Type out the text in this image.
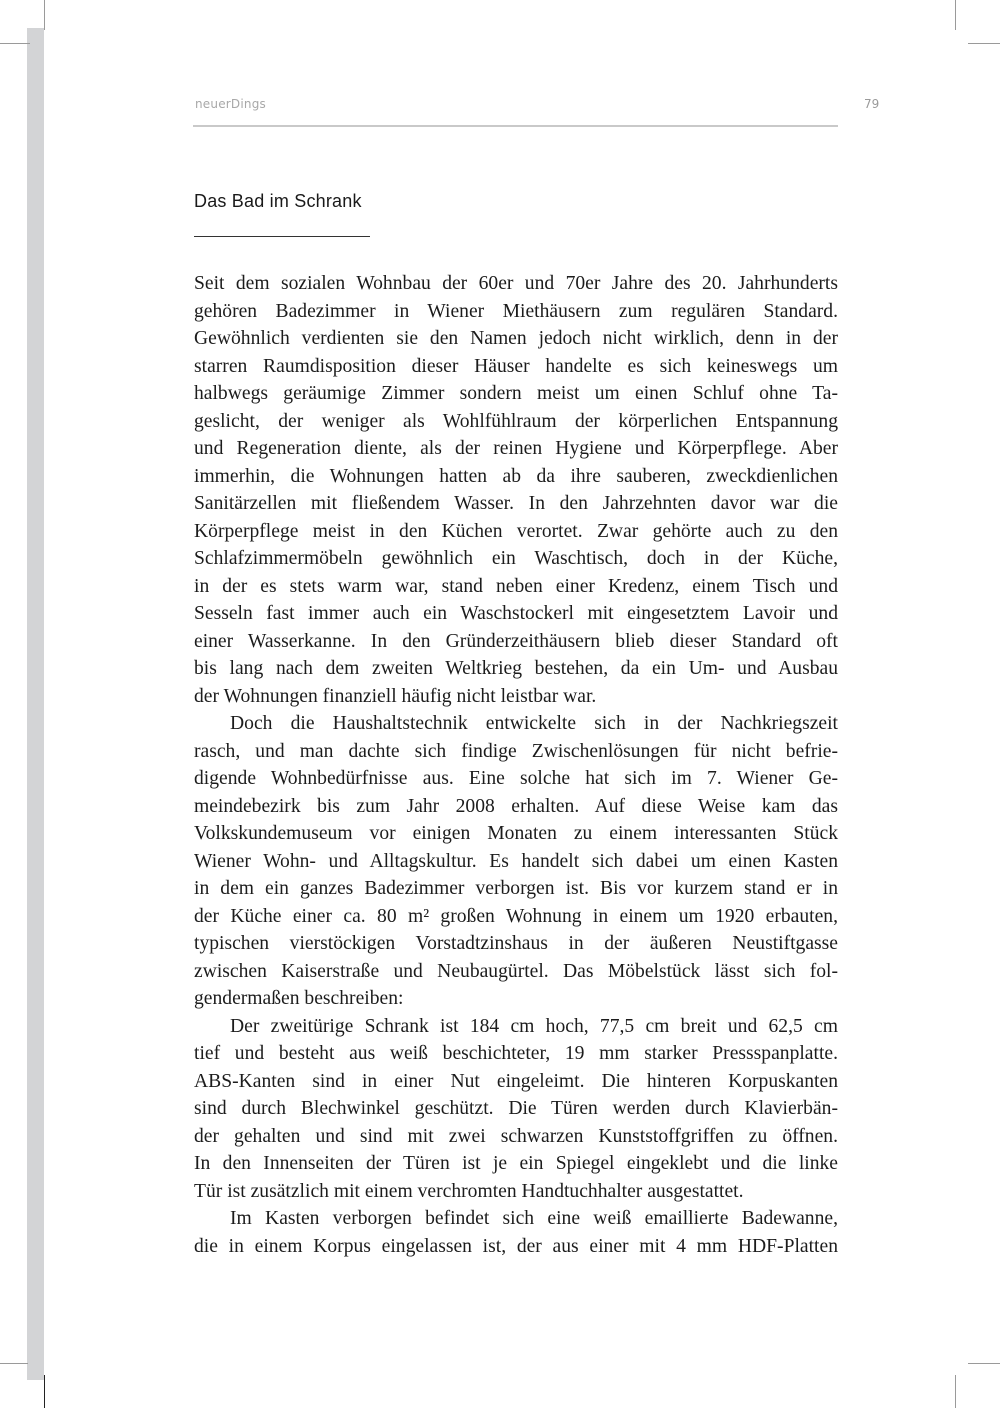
neuerDings	79
Das Bad im Schrank

Seit dem sozialen Wohnbau der 60er und 70er Jahre des 20. Jahrhunderts
gehören Badezimmer in Wiener Miethäusern zum regulären Standard.
Gewöhnlich verdienten sie den Namen jedoch nicht wirklich, denn in der
starren Raumdisposition dieser Häuser handelte es sich keineswegs um
halbwegs geräumige Zimmer sondern meist um einen Schluf ohne Ta-
geslicht, der weniger als Wohlfühlraum der körperlichen Entspannung
und Regeneration diente, als der reinen Hygiene und Körperpflege. Aber
immerhin, die Wohnungen hatten ab da ihre sauberen, zweckdienlichen
Sanitärzellen mit fließendem Wasser. In den Jahrzehnten davor war die
Körperpflege meist in den Küchen verortet. Zwar gehörte auch zu den
Schlafzimmermöbeln gewöhnlich ein Waschtisch, doch in der Küche,
in der es stets warm war, stand neben einer Kredenz, einem Tisch und
Sesseln fast immer auch ein Waschstockerl mit eingesetztem Lavoir und
einer Wasserkanne. In den Gründerzeithäusern blieb dieser Standard oft
bis lang nach dem zweiten Weltkrieg bestehen, da ein Um- und Ausbau
der Wohnungen finanziell häufig nicht leistbar war.

Doch die Haushaltstechnik entwickelte sich in der Nachkriegszeit
rasch, und man dachte sich findige Zwischenlösungen für nicht befrie-
digende Wohnbedürfnisse aus. Eine solche hat sich im 7. Wiener Ge-
meindebezirk bis zum Jahr 2008 erhalten. Auf diese Weise kam das
Volkskundemuseum vor einigen Monaten zu einem interessanten Stück
Wiener Wohn- und Alltagskultur. Es handelt sich dabei um einen Kasten
in dem ein ganzes Badezimmer verborgen ist. Bis vor kurzem stand er in
der Küche einer ca. 80 m² großen Wohnung in einem um 1920 erbauten,
typischen vierstöckigen Vorstadtzinshaus in der äußeren Neustiftgasse
zwischen Kaiserstraße und Neubaugürtel. Das Möbelstück lässt sich fol-
gendermaßen beschreiben:

Der zweitürige Schrank ist 184 cm hoch, 77,5 cm breit und 62,5 cm
tief und besteht aus weiß beschichteter, 19 mm starker Pressspanplatte.
ABS-Kanten sind in einer Nut eingeleimt. Die hinteren Korpuskanten
sind durch Blechwinkel geschützt. Die Türen werden durch Klavierbän-
der gehalten und sind mit zwei schwarzen Kunststoffgriffen zu öffnen.
In den Innenseiten der Türen ist je ein Spiegel eingeklebt und die linke
Tür ist zusätzlich mit einem verchromten Handtuchhalter ausgestattet.

Im Kasten verborgen befindet sich eine weiß emaillierte Badewanne,
die in einem Korpus eingelassen ist, der aus einer mit 4 mm HDF-Platten
